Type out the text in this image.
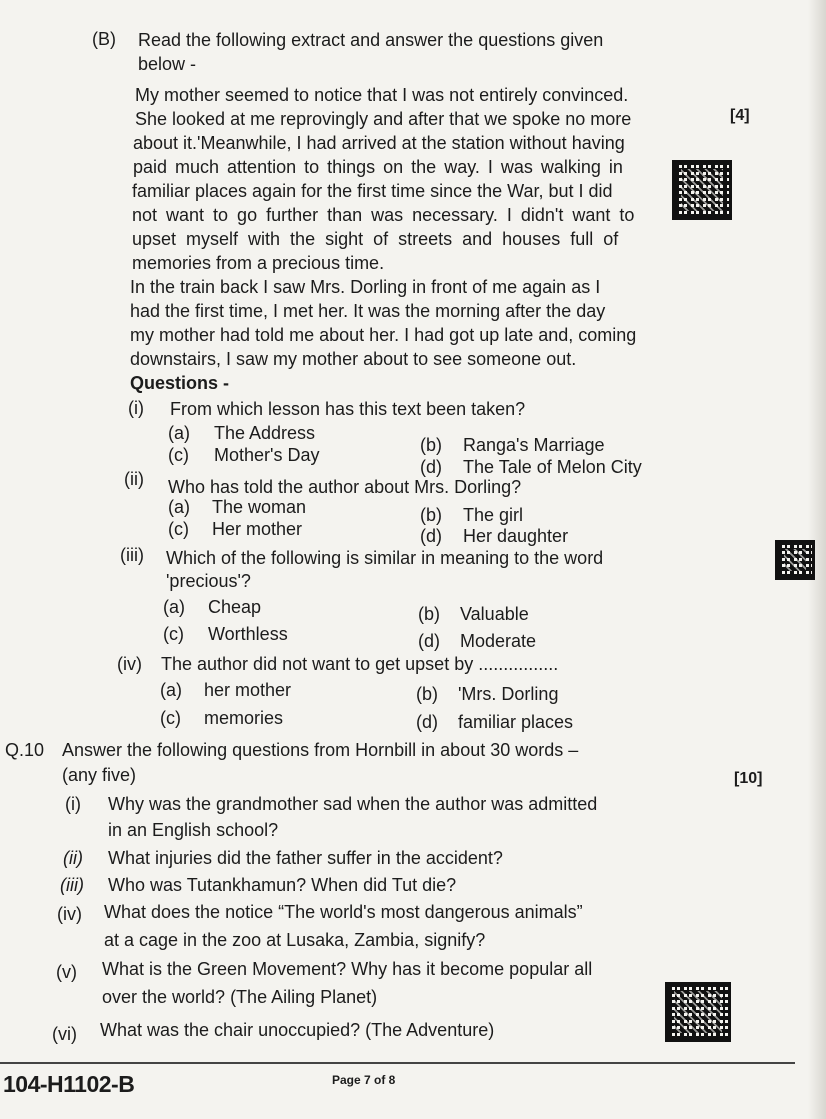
(B) Read the following extract and answer the questions given
below -
[4]
My mother seemed to notice that I was not entirely convinced.
She looked at me reprovingly and after that we spoke no more
about it.'Meanwhile, I had arrived at the station without having
paid much attention to things on the way. I was walking in
familiar places again for the first time since the War, but I did
not want to go further than was necessary. I didn't want to
upset myself with the sight of streets and houses full of
memories from a precious time.
In the train back I saw Mrs. Dorling in front of me again as I
had the first time, I met her. It was the morning after the day
my mother had told me about her. I had got up late and, coming
downstairs, I saw my mother about to see someone out.
Questions -
(i) From which lesson has this text been taken?
(a) The Address
(b) Ranga's Marriage
(c) Mother's Day
(d) The Tale of Melon City
(ii) Who has told the author about Mrs. Dorling?
(a) The woman	(b) The girl
(c) Her mother	(d) Her daughter
(iii) Which of the following is similar in meaning to the word
'precious'?
(a) Cheap	(b) Valuable
(c) Worthless	(d) Moderate
(iv) The author did not want to get upset by ................
(a) her mother	(b) 'Mrs. Dorling
(c) memories	(d) familiar places
Q.10 Answer the following questions from Hornbill in about 30 words –
(any five)	[10]
(i) Why was the grandmother sad when the author was admitted
in an English school?
(ii) What injuries did the father suffer in the accident?
(iii) Who was Tutankhamun? When did Tut die?
(iv) What does the notice “The world's most dangerous animals”
at a cage in the zoo at Lusaka, Zambia, signify?
(v) What is the Green Movement? Why has it become popular all
over the world? (The Ailing Planet)
(vi) What was the chair unoccupied? (The Adventure)
104-H1102-B	Page 7 of 8
